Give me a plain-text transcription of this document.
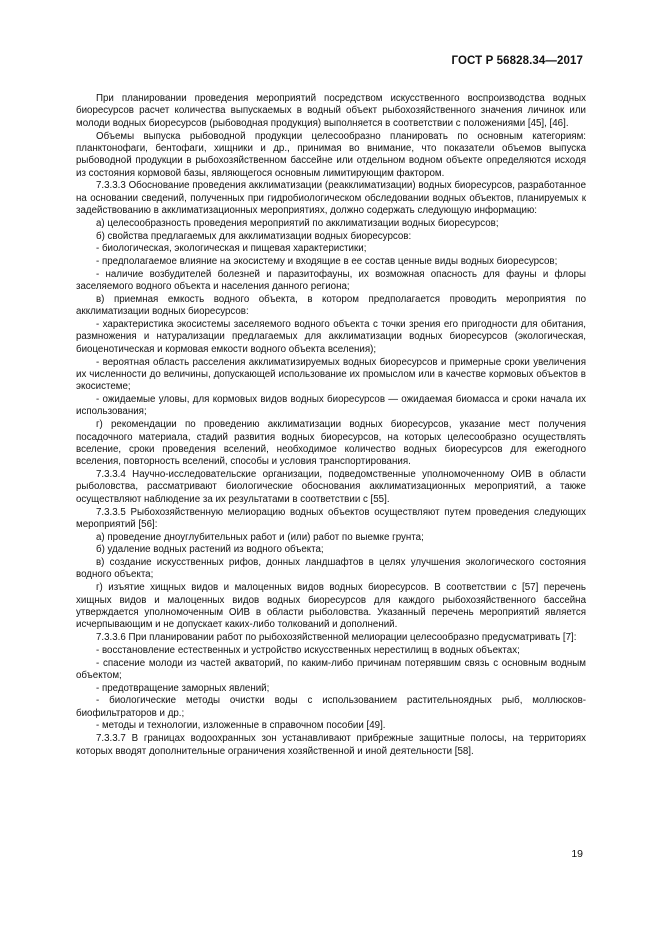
ГОСТ Р 56828.34—2017

При планировании проведения мероприятий посредством искусственного воспроизводства водных биоресурсов расчет количества выпускаемых в водный объект рыбохозяйственного значения личинок или молоди водных биоресурсов (рыбоводная продукция) выполняется в соответствии с положениями [45], [46].

Объемы выпуска рыбоводной продукции целесообразно планировать по основным категориям: планктонофаги, бентофаги, хищники и др., принимая во внимание, что показатели объемов выпуска рыбоводной продукции в рыбохозяйственном бассейне или отдельном водном объекте определяются исходя из состояния кормовой базы, являющегося основным лимитирующим фактором.

7.3.3.3 Обоснование проведения акклиматизации (реакклиматизации) водных биоресурсов, разработанное на основании сведений, полученных при гидробиологическом обследовании водных объектов, планируемых к задействованию в акклиматизационных мероприятиях, должно содержать следующую информацию:

а) целесообразность проведения мероприятий по акклиматизации водных биоресурсов;

б) свойства предлагаемых для акклиматизации водных биоресурсов:

- биологическая, экологическая и пищевая характеристики;

- предполагаемое влияние на экосистему и входящие в ее состав ценные виды водных биоресурсов;

- наличие возбудителей болезней и паразитофауны, их возможная опасность для фауны и флоры заселяемого водного объекта и населения данного региона;

в) приемная емкость водного объекта, в котором предполагается проводить мероприятия по акклиматизации водных биоресурсов:

- характеристика экосистемы заселяемого водного объекта с точки зрения его пригодности для обитания, размножения и натурализации предлагаемых для акклиматизации водных биоресурсов (экологическая, биоценотическая и кормовая емкости водного объекта вселения);

- вероятная область расселения акклиматизируемых водных биоресурсов и примерные сроки увеличения их численности до величины, допускающей использование их промыслом или в качестве кормовых объектов в экосистеме;

- ожидаемые уловы, для кормовых видов водных биоресурсов — ожидаемая биомасса и сроки начала их использования;

г) рекомендации по проведению акклиматизации водных биоресурсов, указание мест получения посадочного материала, стадий развития водных биоресурсов, на которых целесообразно осуществлять вселение, сроки проведения вселений, необходимое количество водных биоресурсов для ежегодного вселения, повторность вселений, способы и условия транспортирования.

7.3.3.4 Научно-исследовательские организации, подведомственные уполномоченному ОИВ в области рыболовства, рассматривают биологические обоснования акклиматизационных мероприятий, а также осуществляют наблюдение за их результатами в соответствии с [55].

7.3.3.5 Рыбохозяйственную мелиорацию водных объектов осуществляют путем проведения следующих мероприятий [56]:

а) проведение дноуглубительных работ и (или) работ по выемке грунта;

б) удаление водных растений из водного объекта;

в) создание искусственных рифов, донных ландшафтов в целях улучшения экологического состояния водного объекта;

г) изъятие хищных видов и малоценных видов водных биоресурсов. В соответствии с [57] перечень хищных видов и малоценных видов водных биоресурсов для каждого рыбохозяйственного бассейна утверждается уполномоченным ОИВ в области рыболовства. Указанный перечень мероприятий является исчерпывающим и не допускает каких-либо толкований и дополнений.

7.3.3.6 При планировании работ по рыбохозяйственной мелиорации целесообразно предусматривать [7]:

- восстановление естественных и устройство искусственных нерестилищ в водных объектах;

- спасение молоди из частей акваторий, по каким-либо причинам потерявшим связь с основным водным объектом;

- предотвращение заморных явлений;

- биологические методы очистки воды с использованием растительноядных рыб, моллюсков-биофильтраторов и др.;

- методы и технологии, изложенные в справочном пособии [49].

7.3.3.7 В границах водоохранных зон устанавливают прибрежные защитные полосы, на территориях которых вводят дополнительные ограничения хозяйственной и иной деятельности [58].

19
